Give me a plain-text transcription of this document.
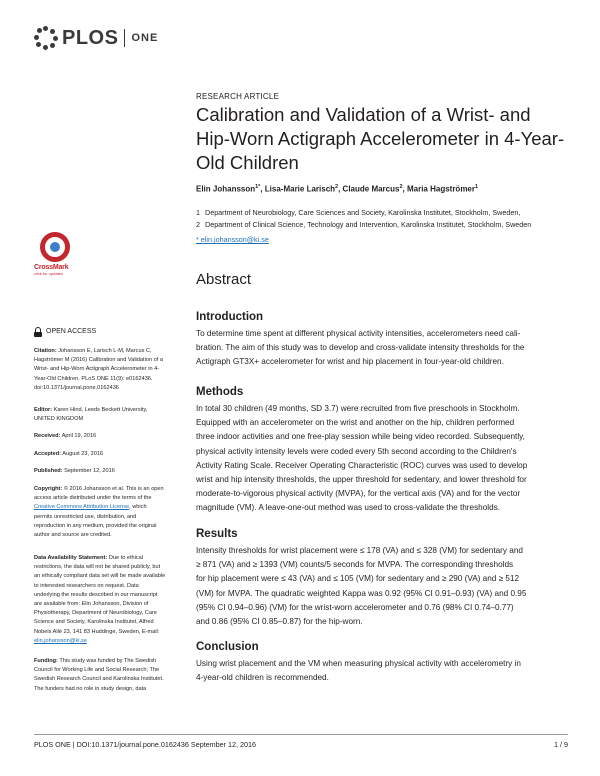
PLOS ONE
RESEARCH ARTICLE
Calibration and Validation of a Wrist- and Hip-Worn Actigraph Accelerometer in 4-Year-Old Children
Elin Johansson$^{1*}$, Lisa-Marie Larisch$^2$, Claude Marcus$^2$, Maria Hagströmer$^1$
1 Department of Neurobiology, Care Sciences and Society, Karolinska Institutet, Stockholm, Sweden,
2 Department of Clinical Science, Technology and Intervention, Karolinska Institutet, Stockholm, Sweden
* elin.johansson@ki.se
Abstract
Introduction
To determine time spent at different physical activity intensities, accelerometers need cali-
bration. The aim of this study was to develop and cross-validate intensity thresholds for the
Actigraph GT3X+ accelerometer for wrist and hip placement in four-year-old children.
Methods
In total 30 children (49 months, SD 3.7) were recruited from five preschools in Stockholm.
Equipped with an accelerometer on the wrist and another on the hip, children performed
three indoor activities and one free-play session while being video recorded. Subsequently,
physical activity intensity levels were coded every 5th second according to the Children's
Activity Rating Scale. Receiver Operating Characteristic (ROC) curves was used to develop
wrist and hip intensity thresholds, the upper threshold for sedentary, and lower threshold for
moderate-to-vigorous physical activity (MVPA), for the vertical axis (VA) and for the vector
magnitude (VM). A leave-one-out method was used to cross-validate the thresholds.
Results
Intensity thresholds for wrist placement were ≤ 178 (VA) and ≤ 328 (VM) for sedentary and
≥ 871 (VA) and ≥ 1393 (VM) counts/5 seconds for MVPA. The corresponding thresholds
for hip placement were ≤ 43 (VA) and ≤ 105 (VM) for sedentary and ≥ 290 (VA) and ≥ 512
(VM) for MVPA. The quadratic weighted Kappa was 0.92 (95% CI 0.91–0.93) (VA) and 0.95
(95% CI 0.94–0.96) (VM) for the wrist-worn accelerometer and 0.76 (98% CI 0.74–0.77)
and 0.86 (95% CI 0.85–0.87) for the hip-worn.
Conclusion
Using wrist placement and the VM when measuring physical activity with accelerometry in
4-year-old children is recommended.
CrossMark
click for updates
OPEN ACCESS
Citation: Johansson E, Larisch L-M, Marcus C, Hagströmer M (2016) Calibration and Validation of a Wrist- and Hip-Worn Actigraph Accelerometer in 4-Year-Old Children. PLoS ONE 11(9): e0162436. doi:10.1371/journal.pone.0162436
Editor: Karen Hind, Leeds Beckett University, UNITED KINGDOM
Received: April 19, 2016
Accepted: August 23, 2016
Published: September 12, 2016
Copyright: © 2016 Johansson et al. This is an open access article distributed under the terms of the Creative Commons Attribution License, which permits unrestricted use, distribution, and reproduction in any medium, provided the original author and source are credited.
Data Availability Statement: Due to ethical restrictions, the data will not be shared publicly, but an ethically compliant data set will be made available to interested researchers on request. Data underlying the results described in our manuscript are available from: Elin Johansson, Division of Physiotherapy, Department of Neurobiology, Care Science and Society, Karolinska Institutet, Alfred Nobels Allé 23, 141 83 Huddinge, Sweden, E-mail: elin.johansson@ki.se
Funding: This study was funded by The Swedish Council for Working Life and Social Research; The Swedish Research Council and Karolinska Institutet. The funders had no role in study design, data
PLOS ONE | DOI:10.1371/journal.pone.0162436 September 12, 2016	1 / 9
